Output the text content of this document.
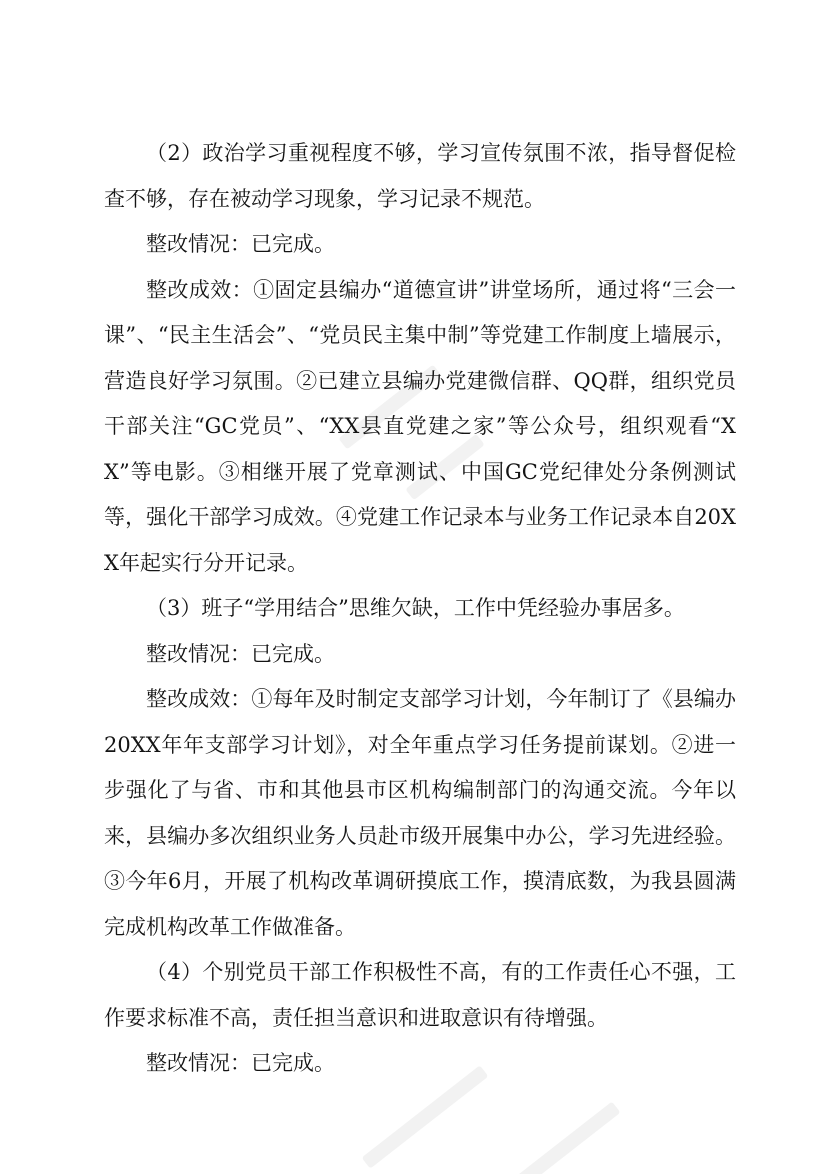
（2）政治学习重视程度不够，学习宣传氛围不浓，指导督促检查不够，存在被动学习现象，学习记录不规范。

整改情况：已完成。

整改成效：①固定县编办“道德宣讲”讲堂场所，通过将“三会一课”、“民主生活会”、“党员民主集中制”等党建工作制度上墙展示，营造良好学习氛围。②已建立县编办党建微信群、QQ群，组织党员干部关注“GC党员”、“XX县直党建之家”等公众号，组织观看“XX”等电影。③相继开展了党章测试、中国GC党纪律处分条例测试等，强化干部学习成效。④党建工作记录本与业务工作记录本自20XX年起实行分开记录。

（3）班子“学用结合”思维欠缺，工作中凭经验办事居多。

整改情况：已完成。

整改成效：①每年及时制定支部学习计划，今年制订了《县编办20XX年年支部学习计划》，对全年重点学习任务提前谋划。②进一步强化了与省、市和其他县市区机构编制部门的沟通交流。今年以来，县编办多次组织业务人员赴市级开展集中办公，学习先进经验。③今年6月，开展了机构改革调研摸底工作，摸清底数，为我县圆满完成机构改革工作做准备。

（4）个别党员干部工作积极性不高，有的工作责任心不强，工作要求标准不高，责任担当意识和进取意识有待增强。

整改情况：已完成。
